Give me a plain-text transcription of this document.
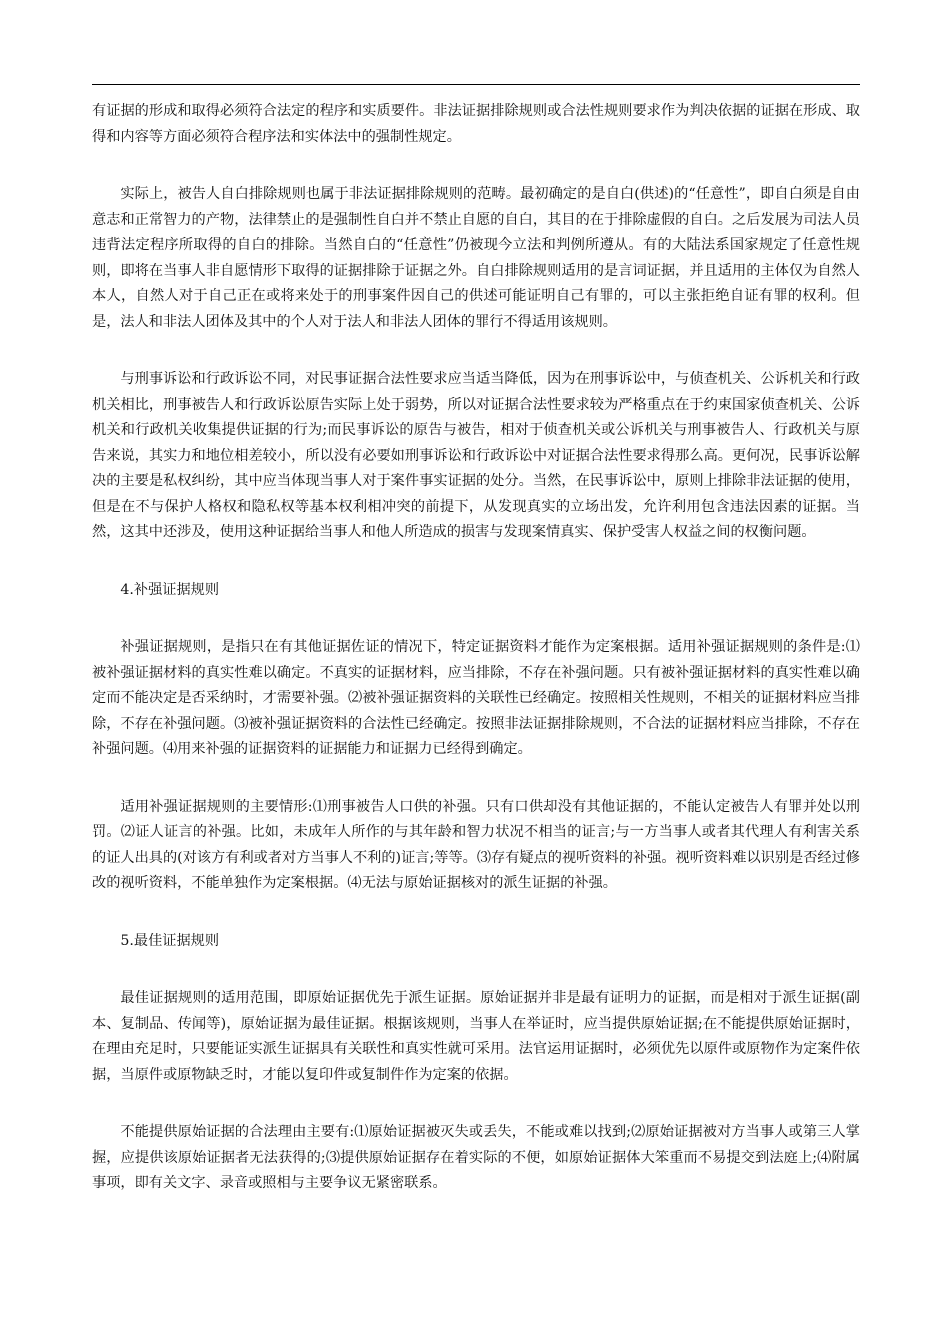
有证据的形成和取得必须符合法定的程序和实质要件。非法证据排除规则或合法性规则要求作为判决依据的证据在形成、取得和内容等方面必须符合程序法和实体法中的强制性规定。

实际上，被告人自白排除规则也属于非法证据排除规则的范畴。最初确定的是自白(供述)的“任意性”，即自白须是自由意志和正常智力的产物，法律禁止的是强制性自白并不禁止自愿的自白，其目的在于排除虚假的自白。之后发展为司法人员违背法定程序所取得的自白的排除。当然自白的“任意性”仍被现今立法和判例所遵从。有的大陆法系国家规定了任意性规则，即将在当事人非自愿情形下取得的证据排除于证据之外。自白排除规则适用的是言词证据，并且适用的主体仅为自然人本人，自然人对于自己正在或将来处于的刑事案件因自己的供述可能证明自己有罪的，可以主张拒绝自证有罪的权利。但是，法人和非法人团体及其中的个人对于法人和非法人团体的罪行不得适用该规则。

与刑事诉讼和行政诉讼不同，对民事证据合法性要求应当适当降低，因为在刑事诉讼中，与侦查机关、公诉机关和行政机关相比，刑事被告人和行政诉讼原告实际上处于弱势，所以对证据合法性要求较为严格重点在于约束国家侦查机关、公诉机关和行政机关收集提供证据的行为;而民事诉讼的原告与被告，相对于侦查机关或公诉机关与刑事被告人、行政机关与原告来说，其实力和地位相差较小，所以没有必要如刑事诉讼和行政诉讼中对证据合法性要求得那么高。更何况，民事诉讼解决的主要是私权纠纷，其中应当体现当事人对于案件事实证据的处分。当然，在民事诉讼中，原则上排除非法证据的使用，但是在不与保护人格权和隐私权等基本权利相冲突的前提下，从发现真实的立场出发，允许利用包含违法因素的证据。当然，这其中还涉及，使用这种证据给当事人和他人所造成的损害与发现案情真实、保护受害人权益之间的权衡问题。

4.补强证据规则

补强证据规则，是指只在有其他证据佐证的情况下，特定证据资料才能作为定案根据。适用补强证据规则的条件是:⑴被补强证据材料的真实性难以确定。不真实的证据材料，应当排除，不存在补强问题。只有被补强证据材料的真实性难以确定而不能决定是否采纳时，才需要补强。⑵被补强证据资料的关联性已经确定。按照相关性规则，不相关的证据材料应当排除，不存在补强问题。⑶被补强证据资料的合法性已经确定。按照非法证据排除规则，不合法的证据材料应当排除，不存在补强问题。⑷用来补强的证据资料的证据能力和证据力已经得到确定。

适用补强证据规则的主要情形:⑴刑事被告人口供的补强。只有口供却没有其他证据的，不能认定被告人有罪并处以刑罚。⑵证人证言的补强。比如，未成年人所作的与其年龄和智力状况不相当的证言;与一方当事人或者其代理人有利害关系的证人出具的(对该方有利或者对方当事人不利的)证言;等等。⑶存有疑点的视听资料的补强。视听资料难以识别是否经过修改的视听资料，不能单独作为定案根据。⑷无法与原始证据核对的派生证据的补强。

5.最佳证据规则

最佳证据规则的适用范围，即原始证据优先于派生证据。原始证据并非是最有证明力的证据，而是相对于派生证据(副本、复制品、传闻等)，原始证据为最佳证据。根据该规则，当事人在举证时，应当提供原始证据;在不能提供原始证据时，在理由充足时，只要能证实派生证据具有关联性和真实性就可采用。法官运用证据时，必须优先以原件或原物作为定案件依据，当原件或原物缺乏时，才能以复印件或复制件作为定案的依据。

不能提供原始证据的合法理由主要有:⑴原始证据被灭失或丢失，不能或难以找到;⑵原始证据被对方当事人或第三人掌握，应提供该原始证据者无法获得的;⑶提供原始证据存在着实际的不便，如原始证据体大笨重而不易提交到法庭上;⑷附属事项，即有关文字、录音或照相与主要争议无紧密联系。
